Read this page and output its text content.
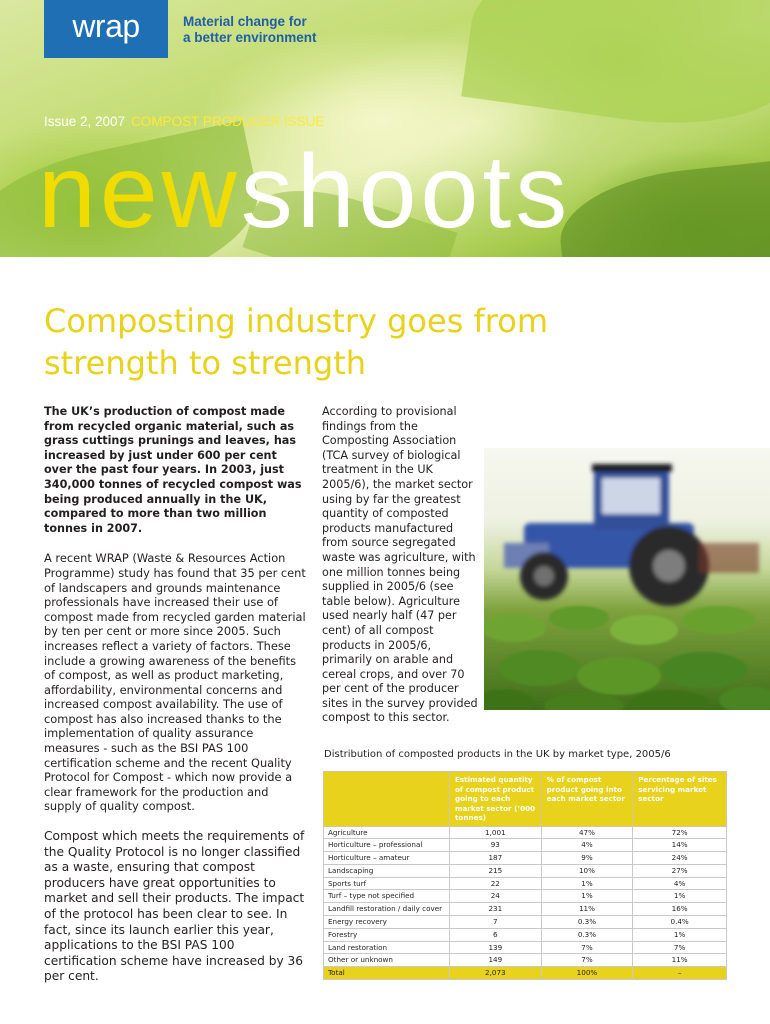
wrap	Material change for
a better environment
Issue 2, 2007 COMPOST PRODUCER ISSUE
newshoots
Composting industry goes from
strength to strength

The UK’s production of compost made from recycled organic material, such as grass cuttings prunings and leaves, has increased by just under 600 per cent over the past four years. In 2003, just 340,000 tonnes of recycled compost was being produced annually in the UK, compared to more than two million tonnes in 2007.

A recent WRAP (Waste & Resources Action Programme) study has found that 35 per cent of landscapers and grounds maintenance professionals have increased their use of compost made from recycled garden material by ten per cent or more since 2005. Such increases reflect a variety of factors. These include a growing awareness of the benefits of compost, as well as product marketing, affordability, environmental concerns and increased compost availability. The use of compost has also increased thanks to the implementation of quality assurance measures - such as the BSI PAS 100 certification scheme and the recent Quality Protocol for Compost - which now provide a clear framework for the production and supply of quality compost.

Compost which meets the requirements of the Quality Protocol is no longer classified as a waste, ensuring that compost producers have great opportunities to market and sell their products. The impact of the protocol has been clear to see. In fact, since its launch earlier this year, applications to the BSI PAS 100 certification scheme have increased by 36 per cent.

According to provisional findings from the Composting Association (TCA survey of biological treatment in the UK 2005/6), the market sector using by far the greatest quantity of composted products manufactured from source segregated waste was agriculture, with one million tonnes being supplied in 2005/6 (see table below). Agriculture used nearly half (47 per cent) of all compost products in 2005/6, primarily on arable and cereal crops, and over 70 per cent of the producer sites in the survey provided compost to this sector.

Distribution of composted products in the UK by market type, 2005/6

	Estimated quantity of compost product going to each market sector (’000 tonnes)	% of compost product going into each market sector	Percentage of sites servicing market sector
Agriculture	1,001	47%	72%
Horticulture – professional	93	4%	14%
Horticulture – amateur	187	9%	24%
Landscaping	215	10%	27%
Sports turf	22	1%	4%
Turf – type not specified	24	1%	1%
Landfill restoration / daily cover	231	11%	16%
Energy recovery	7	0.3%	0.4%
Forestry	6	0.3%	1%
Land restoration	139	7%	7%
Other or unknown	149	7%	11%
Total	2,073	100%	–
